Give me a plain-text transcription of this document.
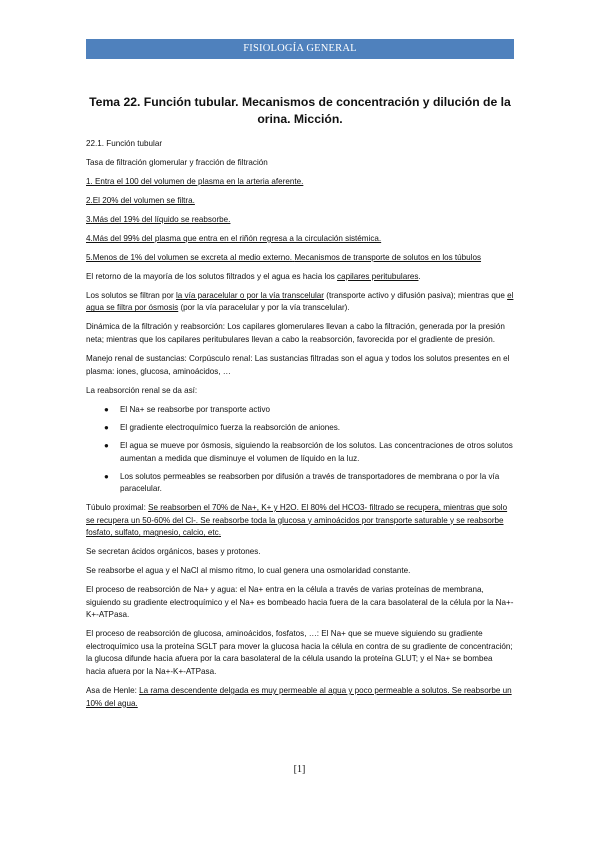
FISIOLOGÍA GENERAL
Tema 22. Función tubular. Mecanismos de concentración y dilución de la orina. Micción.
22.1. Función tubular
Tasa de filtración glomerular y fracción de filtración
1. Entra el 100 del volumen de plasma en la arteria aferente.
2.El 20% del volumen se filtra.
3.Más del 19% del líquido se reabsorbe.
4.Más del 99% del plasma que entra en el riñón regresa a la circulación sistémica.
5.Menos de 1% del volumen se excreta al medio externo. Mecanismos de transporte de solutos en los túbulos
El retorno de la mayoría de los solutos filtrados y el agua es hacia los capilares peritubulares.
Los solutos se filtran por la vía paracelular o por la vía transcelular (transporte activo y difusión pasiva); mientras que el agua se filtra por ósmosis (por la vía paracelular y por la vía transcelular).
Dinámica de la filtración y reabsorción: Los capilares glomerulares llevan a cabo la filtración, generada por la presión neta; mientras que los capilares peritubulares llevan a cabo la reabsorción, favorecida por el gradiente de presión.
Manejo renal de sustancias: Corpúsculo renal: Las sustancias filtradas son el agua y todos los solutos presentes en el plasma: iones, glucosa, aminoácidos, …
La reabsorción renal se da así:
● El Na+ se reabsorbe por transporte activo
● El gradiente electroquímico fuerza la reabsorción de aniones.
● El agua se mueve por ósmosis, siguiendo la reabsorción de los solutos. Las concentraciones de otros solutos aumentan a medida que disminuye el volumen de líquido en la luz.
● Los solutos permeables se reabsorben por difusión a través de transportadores de membrana o por la vía paracelular.
Túbulo proximal: Se reabsorben el 70% de Na+, K+ y H2O. El 80% del HCO3- filtrado se recupera, mientras que solo se recupera un 50-60% del Cl-. Se reabsorbe toda la glucosa y aminoácidos por transporte saturable y se reabsorbe fosfato, sulfato, magnesio, calcio, etc.
Se secretan ácidos orgánicos, bases y protones.
Se reabsorbe el agua y el NaCl al mismo ritmo, lo cual genera una osmolaridad constante.
El proceso de reabsorción de Na+ y agua: el Na+ entra en la célula a través de varias proteínas de membrana, siguiendo su gradiente electroquímico y el Na+ es bombeado hacia fuera de la cara basolateral de la célula por la Na+-K+-ATPasa.
El proceso de reabsorción de glucosa, aminoácidos, fosfatos, …: El Na+ que se mueve siguiendo su gradiente electroquímico usa la proteína SGLT para mover la glucosa hacia la célula en contra de su gradiente de concentración; la glucosa difunde hacia afuera por la cara basolateral de la célula usando la proteína GLUT; y el Na+ se bombea hacia afuera por la Na+-K+-ATPasa.
Asa de Henle: La rama descendente delgada es muy permeable al agua y poco permeable a solutos. Se reabsorbe un 10% del agua.
[1]
